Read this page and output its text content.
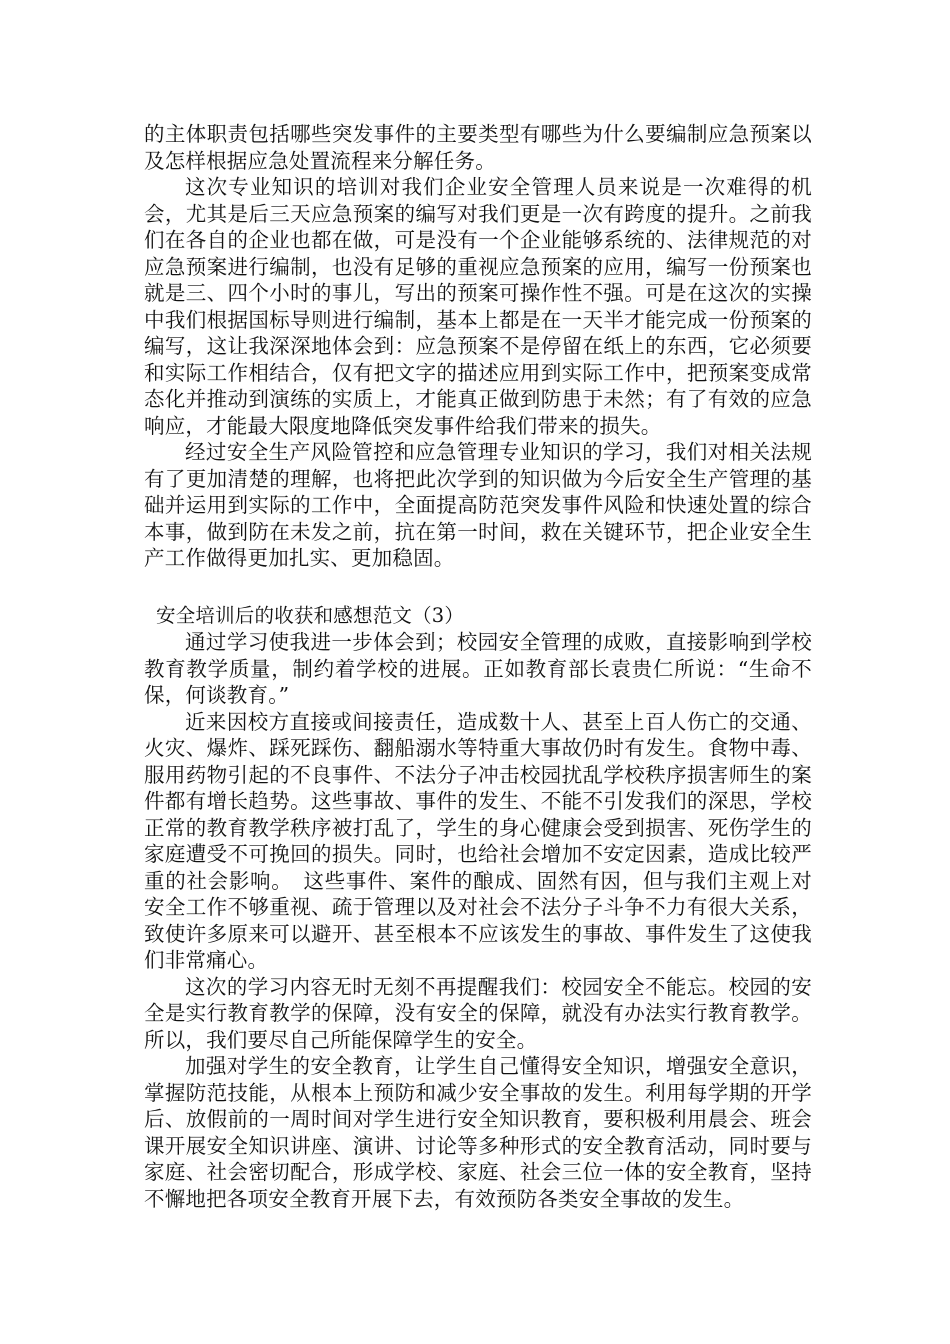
的主体职责包括哪些突发事件的主要类型有哪些为什么要编制应急预案以及怎样根据应急处置流程来分解任务。

这次专业知识的培训对我们企业安全管理人员来说是一次难得的机会，尤其是后三天应急预案的编写对我们更是一次有跨度的提升。之前我们在各自的企业也都在做，可是没有一个企业能够系统的、法律规范的对应急预案进行编制，也没有足够的重视应急预案的应用，编写一份预案也就是三、四个小时的事儿，写出的预案可操作性不强。可是在这次的实操中我们根据国标导则进行编制，基本上都是在一天半才能完成一份预案的编写，这让我深深地体会到：应急预案不是停留在纸上的东西，它必须要和实际工作相结合，仅有把文字的描述应用到实际工作中，把预案变成常态化并推动到演练的实质上，才能真正做到防患于未然；有了有效的应急响应，才能最大限度地降低突发事件给我们带来的损失。

经过安全生产风险管控和应急管理专业知识的学习，我们对相关法规有了更加清楚的理解，也将把此次学到的知识做为今后安全生产管理的基础并运用到实际的工作中，全面提高防范突发事件风险和快速处置的综合本事，做到防在未发之前，抗在第一时间，救在关键环节，把企业安全生产工作做得更加扎实、更加稳固。

安全培训后的收获和感想范文（3）

通过学习使我进一步体会到；校园安全管理的成败，直接影响到学校教育教学质量，制约着学校的进展。正如教育部长袁贵仁所说：“生命不保，何谈教育。”

近来因校方直接或间接责任，造成数十人、甚至上百人伤亡的交通、火灾、爆炸、踩死踩伤、翻船溺水等特重大事故仍时有发生。食物中毒、服用药物引起的不良事件、不法分子冲击校园扰乱学校秩序损害师生的案件都有增长趋势。这些事故、事件的发生、不能不引发我们的深思，学校正常的教育教学秩序被打乱了，学生的身心健康会受到损害、死伤学生的家庭遭受不可挽回的损失。同时，也给社会增加不安定因素，造成比较严重的社会影响。　这些事件、案件的酿成、固然有因，但与我们主观上对安全工作不够重视、疏于管理以及对社会不法分子斗争不力有很大关系，致使许多原来可以避开、甚至根本不应该发生的事故、事件发生了这使我们非常痛心。

这次的学习内容无时无刻不再提醒我们：校园安全不能忘。校园的安全是实行教育教学的保障，没有安全的保障，就没有办法实行教育教学。所以，我们要尽自己所能保障学生的安全。

加强对学生的安全教育，让学生自己懂得安全知识，增强安全意识，掌握防范技能，从根本上预防和减少安全事故的发生。利用每学期的开学后、放假前的一周时间对学生进行安全知识教育，要积极利用晨会、班会课开展安全知识讲座、演讲、讨论等多种形式的安全教育活动，同时要与家庭、社会密切配合，形成学校、家庭、社会三位一体的安全教育，坚持不懈地把各项安全教育开展下去，有效预防各类安全事故的发生。
